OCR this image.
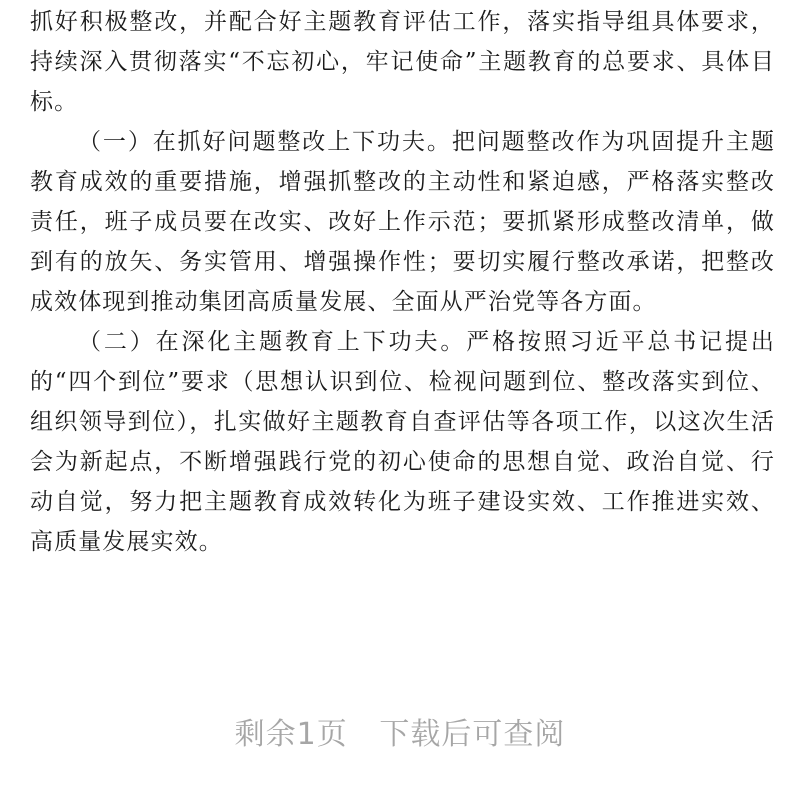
抓好积极整改，并配合好主题教育评估工作，落实指导组具体要求，持续深入贯彻落实“不忘初心，牢记使命”主题教育的总要求、具体目标。

（一）在抓好问题整改上下功夫。把问题整改作为巩固提升主题教育成效的重要措施，增强抓整改的主动性和紧迫感，严格落实整改责任，班子成员要在改实、改好上作示范；要抓紧形成整改清单，做到有的放矢、务实管用、增强操作性；要切实履行整改承诺，把整改成效体现到推动集团高质量发展、全面从严治党等各方面。

（二）在深化主题教育上下功夫。严格按照习近平总书记提出的“四个到位”要求（思想认识到位、检视问题到位、整改落实到位、组织领导到位），扎实做好主题教育自查评估等各项工作，以这次生活会为新起点，不断增强践行党的初心使命的思想自觉、政治自觉、行动自觉，努力把主题教育成效转化为班子建设实效、工作推进实效、高质量发展实效。

剩余1页   下载后可查阅
